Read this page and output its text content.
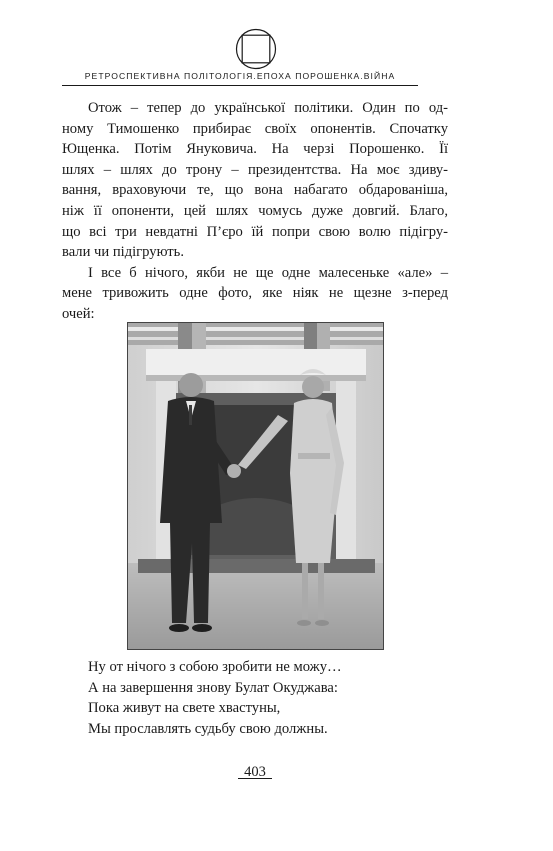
РЕТРОСПЕКТИВНА ПОЛІТОЛОГІЯ.ЕПОХА ПОРОШЕНКА.ВІЙНА
Отож – тепер до української політики. Один по од-
ному Тимошенко прибирає своїх опонентів. Спочатку
Ющенка. Потім Януковича. На черзі Порошенко. Її
шлях – шлях до трону – президентства. На моє здиву-
вання, враховуючи те, що вона набагато обдарованіша,
ніж її опоненти, цей шлях чомусь дуже довгий. Благо,
що всі три невдатні П’єро їй попри свою волю підігру-
вали чи підігрують.
І все б нічого, якби не ще одне малесеньке «але» –
мене тривожить одне фото, яке ніяк не щезне з-перед
очей:
Ну от нічого з собою зробити не можу…
А на завершення знову Булат Окуджава:
Пока живут на свете хвастуны,
Мы прославлять судьбу свою должны.
403
